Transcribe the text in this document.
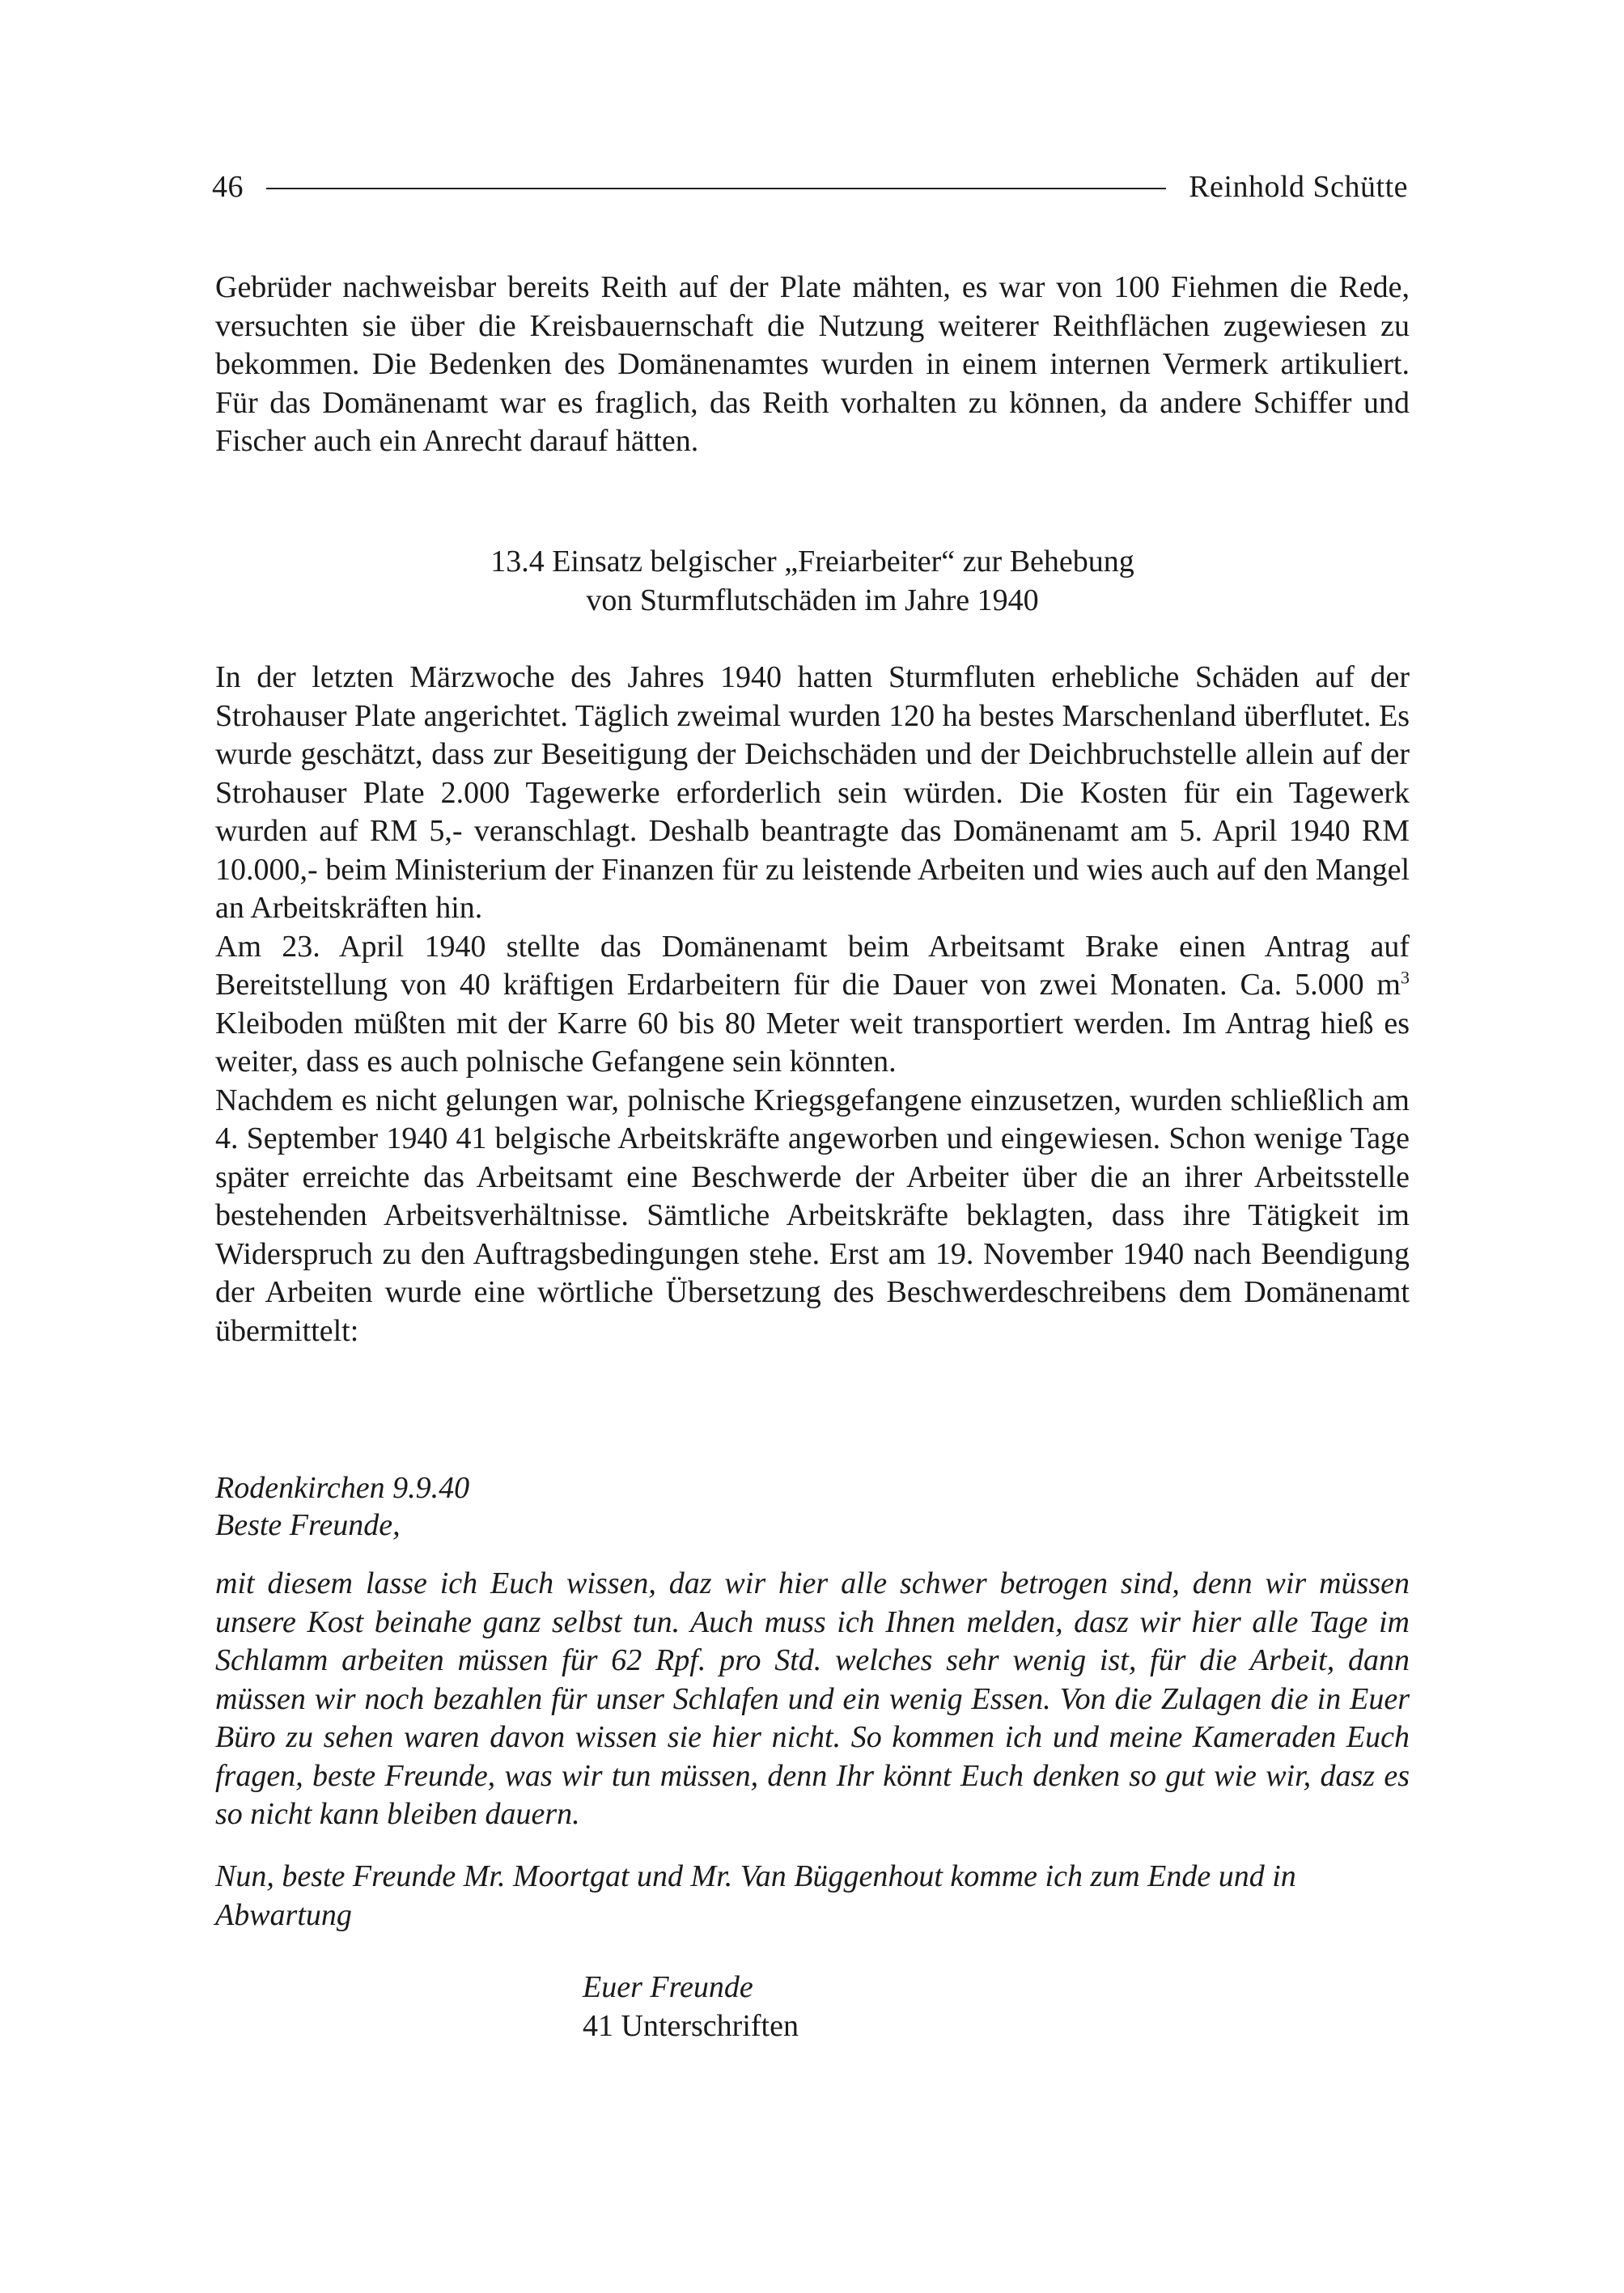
46	Reinhold Schütte
Gebrüder nachweisbar bereits Reith auf der Plate mähten, es war von 100 Fiehmen die Rede, versuchten sie über die Kreisbauernschaft die Nutzung weiterer Reithflächen zugewiesen zu bekommen. Die Bedenken des Domänenamtes wurden in einem internen Vermerk artikuliert. Für das Domänenamt war es fraglich, das Reith vorhalten zu können, da andere Schiffer und Fischer auch ein Anrecht darauf hätten.
13.4 Einsatz belgischer „Freiarbeiter“ zur Behebung
von Sturmflutschäden im Jahre 1940

In der letzten Märzwoche des Jahres 1940 hatten Sturmfluten erhebliche Schäden auf der Strohauser Plate angerichtet. Täglich zweimal wurden 120 ha bestes Marschenland überflutet. Es wurde geschätzt, dass zur Beseitigung der Deichschäden und der Deichbruchstelle allein auf der Strohauser Plate 2.000 Tagewerke erforderlich sein würden. Die Kosten für ein Tagewerk wurden auf RM 5,- veranschlagt. Deshalb beantragte das Domänenamt am 5. April 1940 RM 10.000,- beim Ministerium der Finanzen für zu leistende Arbeiten und wies auch auf den Mangel an Arbeitskräften hin.

Am 23. April 1940 stellte das Domänenamt beim Arbeitsamt Brake einen Antrag auf Bereitstellung von 40 kräftigen Erdarbeitern für die Dauer von zwei Monaten. Ca. 5.000 $m^3$ Kleiboden müßten mit der Karre 60 bis 80 Meter weit transportiert werden. Im Antrag hieß es weiter, dass es auch polnische Gefangene sein könnten.

Nachdem es nicht gelungen war, polnische Kriegsgefangene einzusetzen, wurden schließlich am 4. September 1940 41 belgische Arbeitskräfte angeworben und eingewiesen. Schon wenige Tage später erreichte das Arbeitsamt eine Beschwerde der Arbeiter über die an ihrer Arbeitsstelle bestehenden Arbeitsverhältnisse. Sämtliche Arbeitskräfte beklagten, dass ihre Tätigkeit im Widerspruch zu den Auftragsbedingungen stehe. Erst am 19. November 1940 nach Beendigung der Arbeiten wurde eine wörtliche Übersetzung des Beschwerdeschreibens dem Domänenamt übermittelt:

Rodenkirchen 9.9.40
Beste Freunde,
mit diesem lasse ich Euch wissen, daz wir hier alle schwer betrogen sind, denn wir müssen unsere Kost beinahe ganz selbst tun. Auch muss ich Ihnen melden, dasz wir hier alle Tage im Schlamm arbeiten müssen für 62 Rpf. pro Std. welches sehr wenig ist, für die Arbeit, dann müssen wir noch bezahlen für unser Schlafen und ein wenig Essen. Von die Zulagen die in Euer Büro zu sehen waren davon wissen sie hier nicht. So kommen ich und meine Kameraden Euch fragen, beste Freunde, was wir tun müssen, denn Ihr könnt Euch denken so gut wie wir, dasz es so nicht kann bleiben dauern.
Nun, beste Freunde Mr. Moortgat und Mr. Van Büggenhout komme ich zum Ende und in Abwartung
Euer Freunde
41 Unterschriften
